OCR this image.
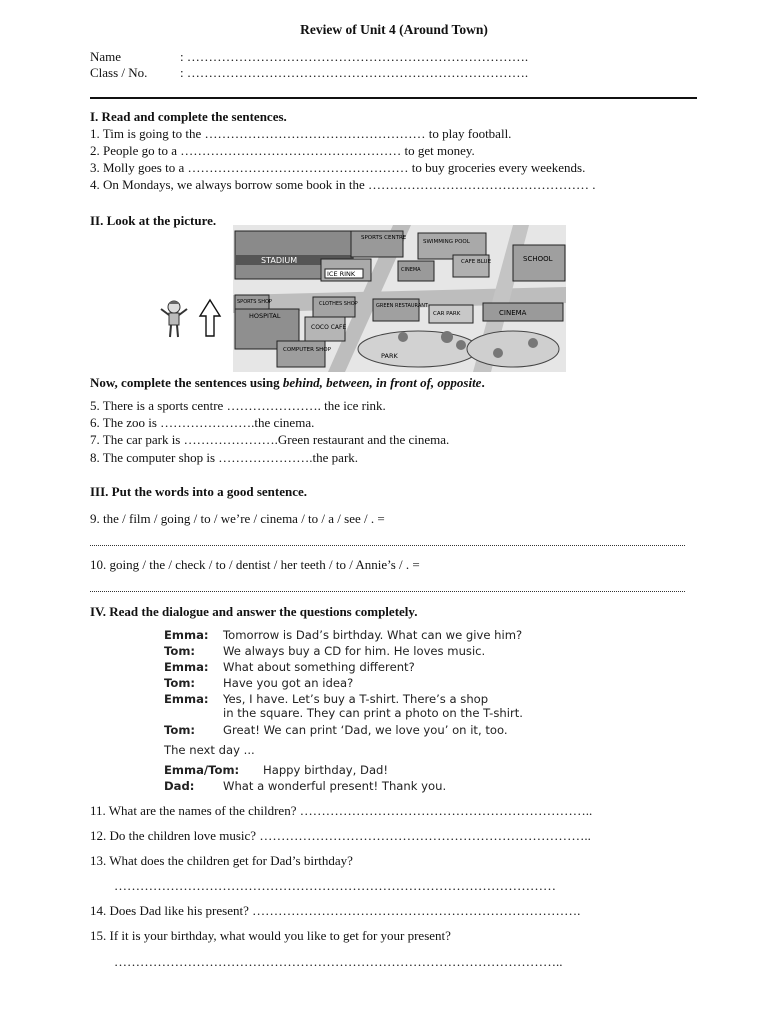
Review of Unit 4 (Around Town)
Name	: …………………………………………………………………….
Class / No.	: …………………………………………………………………….
I. Read and complete the sentences.
1. Tim is going to the …………………………………………… to play football.
2. People go to a …………………………………………… to get money.
3. Molly goes to a …………………………………………… to buy groceries every weekends.
4. On Mondays, we always borrow some book in the …………………………………………… .
II. Look at the picture.
STADIUM
SPORTS CENTRE
ICE RINK
SWIMMING POOL
CINEMA
CAFE BLUE	SCHOOL
SPORTS SHOP
HOSPITAL
CLOTHES SHOP
COCO CAFE
COMPUTER SHOP
GREEN RESTAURANT
CAR PARK	CINEMA
PARK
Now, complete the sentences using behind, between, in front of, opposite.
5. There is a sports centre …………………. the ice rink.
6. The zoo is ………………….the cinema.
7. The car park is ………………….Green restaurant and the cinema.
8. The computer shop is ………………….the park.
III. Put the words into a good sentence.
9. the / film / going / to / we’re / cinema / to / a / see / . =
10. going / the / check / to / dentist / her teeth / to / Annie’s / . =
IV. Read the dialogue and answer the questions completely.
Emma: Tomorrow is Dad’s birthday. What can we give him?
Tom: We always buy a CD for him. He loves music.
Emma: What about something different?
Tom: Have you got an idea?
Emma: Yes, I have. Let’s buy a T-shirt. There’s a shop
in the square. They can print a photo on the T-shirt.
Tom: Great! We can print ‘Dad, we love you’ on it, too.
The next day ...
Emma/Tom: Happy birthday, Dad!
Dad: What a wonderful present! Thank you.
11. What are the names of the children? …………………………………………………………..
12. Do the children love music? …………………………………………………………………..
13. What does the children get for Dad’s birthday?
…………………………………………………………………………………………
14. Does Dad like his present? ………………………………………………………………….
15. If it is your birthday, what would you like to get for your present?
…………………………………………………………………………………………..
